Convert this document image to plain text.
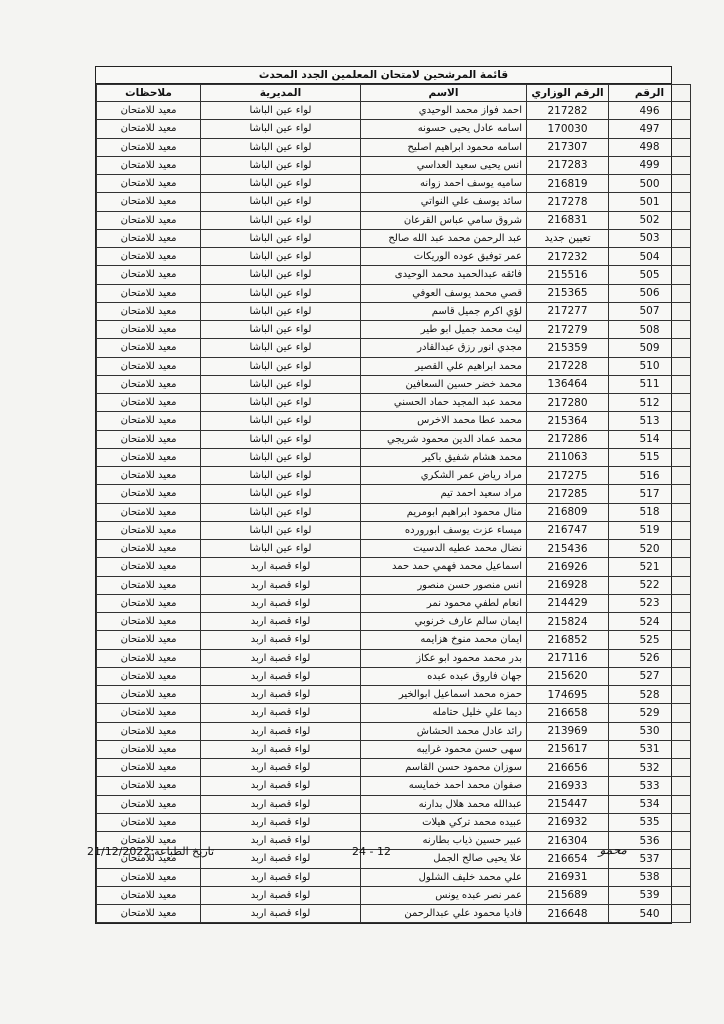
قائمة المرشحين لامتحان المعلمين الجدد المحدث
الرقم	الرقم الوزاري	الاسم	المديرية	ملاحظات
496	217282	احمد فواز محمد الوحيدي	لواء عين الباشا	معيد للامتحان
497	170030	اسامه عادل يحيى حسونه	لواء عين الباشا	معيد للامتحان
498	217307	اسامه محمود ابراهيم اصليح	لواء عين الباشا	معيد للامتحان
499	217283	انس يحيى سعيد العداسي	لواء عين الباشا	معيد للامتحان
500	216819	ساميه يوسف احمد زوانه	لواء عين الباشا	معيد للامتحان
501	217278	سائد يوسف علي النواتي	لواء عين الباشا	معيد للامتحان
502	216831	شروق سامي عباس القرعان	لواء عين الباشا	معيد للامتحان
503	تعيين جديد	عبد الرحمن محمد عبد الله صالح	لواء عين الباشا	معيد للامتحان
504	217232	عمر توفيق عوده الوريكات	لواء عين الباشا	معيد للامتحان
505	215516	فائقه عبدالحميد محمد الوحيدى	لواء عين الباشا	معيد للامتحان
506	215365	قصي محمد يوسف العوفي	لواء عين الباشا	معيد للامتحان
507	217277	لؤي اكرم جميل قاسم	لواء عين الباشا	معيد للامتحان
508	217279	ليث محمد جميل ابو طير	لواء عين الباشا	معيد للامتحان
509	215359	مجدي انور رزق عبدالقادر	لواء عين الباشا	معيد للامتحان
510	217228	محمد ابراهيم علي القصير	لواء عين الباشا	معيد للامتحان
511	136464	محمد خضر حسين السعافين	لواء عين الباشا	معيد للامتحان
512	217280	محمد عبد المجيد حماد الحسني	لواء عين الباشا	معيد للامتحان
513	215364	محمد عطا محمد الاخرس	لواء عين الباشا	معيد للامتحان
514	217286	محمد عماد الدين محمود شريجي	لواء عين الباشا	معيد للامتحان
515	211063	محمد هشام شفيق باكير	لواء عين الباشا	معيد للامتحان
516	217275	مراد رياض عمر الشكري	لواء عين الباشا	معيد للامتحان
517	217285	مراد سعيد احمد تيم	لواء عين الباشا	معيد للامتحان
518	216809	منال محمود ابراهيم ابومريم	لواء عين الباشا	معيد للامتحان
519	216747	ميساء عزت يوسف ابورورده	لواء عين الباشا	معيد للامتحان
520	215436	نضال محمد عطيه الدسيت	لواء عين الباشا	معيد للامتحان
521	216926	اسماعيل محمد فهمي حمد حمد	لواء قصبة اربد	معيد للامتحان
522	216928	انس منصور حسن منصور	لواء قصبة اربد	معيد للامتحان
523	214429	انعام لطفي محمود نمر	لواء قصبة اربد	معيد للامتحان
524	215824	ايمان سالم عارف خرنوبي	لواء قصبة اربد	معيد للامتحان
525	216852	ايمان محمد منوخ هزايمه	لواء قصبة اربد	معيد للامتحان
526	217116	بدر محمد محمود ابو عكاز	لواء قصبة اربد	معيد للامتحان
527	215620	جهان فاروق عبده عبده	لواء قصبة اربد	معيد للامتحان
528	174695	حمزه محمد اسماعيل ابوالخير	لواء قصبة اربد	معيد للامتحان
529	216658	ديما علي خليل حتامله	لواء قصبة اربد	معيد للامتحان
530	213969	رائد عادل محمد الحشاش	لواء قصبة اربد	معيد للامتحان
531	215617	سهى حسن محمود غرايبه	لواء قصبة اربد	معيد للامتحان
532	216656	سوزان محمود حسن القاسم	لواء قصبة اربد	معيد للامتحان
533	216933	صفوان محمد احمد خمايسه	لواء قصبة اربد	معيد للامتحان
534	215447	عبدالله محمد هلال بدارنه	لواء قصبة اربد	معيد للامتحان
535	216932	عبيده محمد تركي هيلات	لواء قصبة اربد	معيد للامتحان
536	216304	عبير حسين ذياب بطارنه	لواء قصبة اربد	معيد للامتحان
537	216654	علا يحيى صالح الجمل	لواء قصبة اربد	معيد للامتحان
538	216931	علي محمد خليف الشلول	لواء قصبة اربد	معيد للامتحان
539	215689	عمر نصر عبده يونس	لواء قصبة اربد	معيد للامتحان
540	216648	فاديا محمود علي عبدالرحمن	لواء قصبة اربد	معيد للامتحان
تاريخ الطباعة:21/12/2022	24 - 12	ﻣﺤﻤﻮ
